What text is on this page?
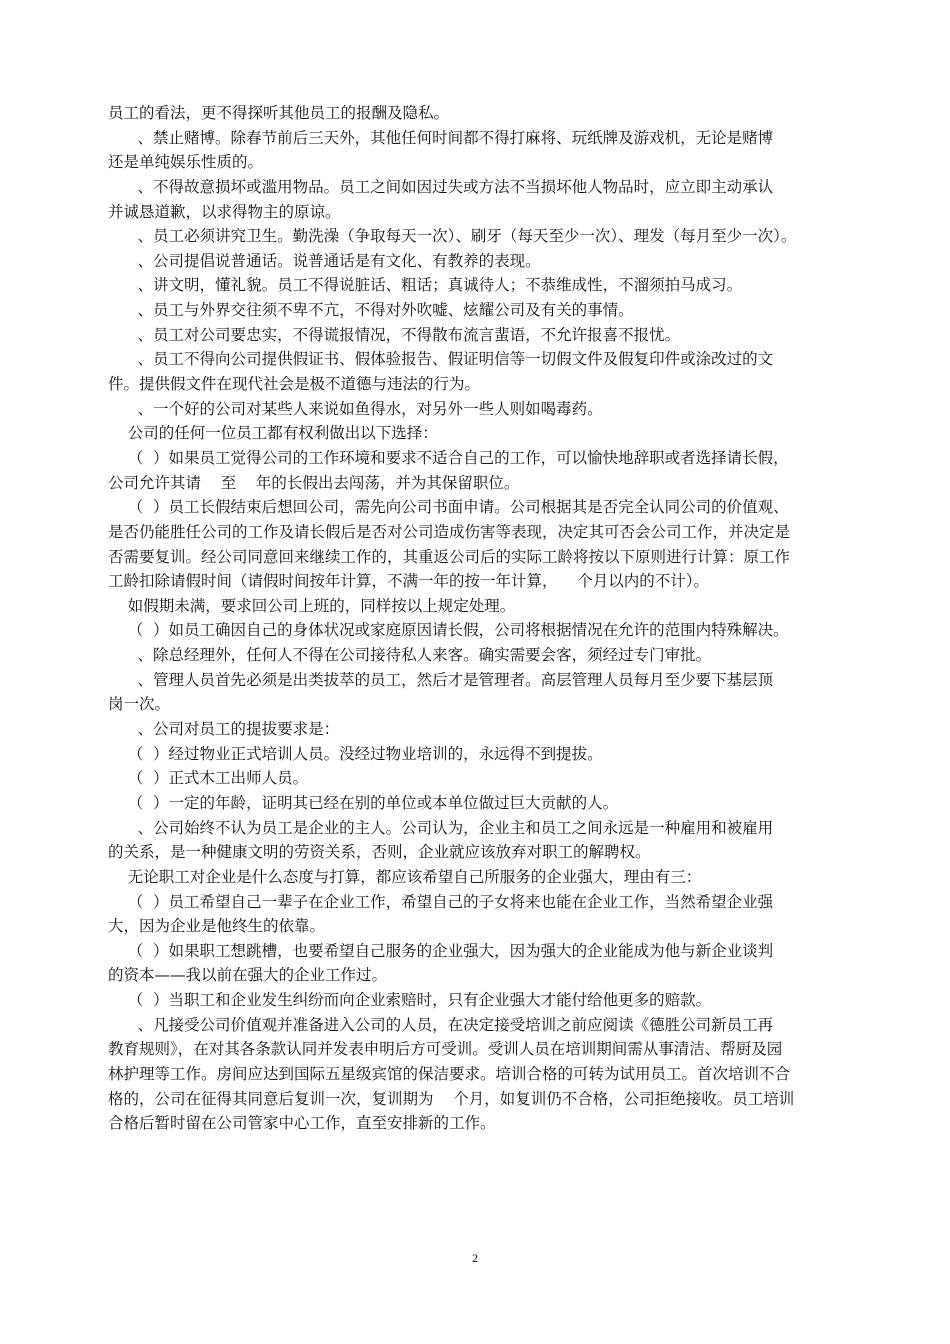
员工的看法，更不得探听其他员工的报酬及隐私。
、禁止赌博。除春节前后三天外，其他任何时间都不得打麻将、玩纸牌及游戏机，无论是赌博
还是单纯娱乐性质的。
、不得故意损坏或滥用物品。员工之间如因过失或方法不当损坏他人物品时，应立即主动承认
并诚恳道歉，以求得物主的原谅。
、员工必须讲究卫生。勤洗澡（争取每天一次）、刷牙（每天至少一次）、理发（每月至少一次）。
、公司提倡说普通话。说普通话是有文化、有教养的表现。
、讲文明，懂礼貌。员工不得说脏话、粗话；真诚待人；不恭维成性，不溜须拍马成习。
、员工与外界交往须不卑不亢，不得对外吹嘘、炫耀公司及有关的事情。
、员工对公司要忠实，不得谎报情况，不得散布流言蜚语，不允许报喜不报忧。
、员工不得向公司提供假证书、假体验报告、假证明信等一切假文件及假复印件或涂改过的文
件。提供假文件在现代社会是极不道德与违法的行为。
、一个好的公司对某些人来说如鱼得水，对另外一些人则如喝毒药。
公司的任何一位员工都有权利做出以下选择：
（  ）如果员工觉得公司的工作环境和要求不适合自己的工作，可以愉快地辞职或者选择请长假，
公司允许其请    至    年的长假出去闯荡，并为其保留职位。
（  ）员工长假结束后想回公司，需先向公司书面申请。公司根据其是否完全认同公司的价值观、
是否仍能胜任公司的工作及请长假后是否对公司造成伤害等表现，决定其可否会公司工作，并决定是
否需要复训。经公司同意回来继续工作的，其重返公司后的实际工龄将按以下原则进行计算：原工作
工龄扣除请假时间（请假时间按年计算，不满一年的按一年计算，    个月以内的不计）。
如假期未满，要求回公司上班的，同样按以上规定处理。
（  ）如员工确因自己的身体状况或家庭原因请长假，公司将根据情况在允许的范围内特殊解决。
、除总经理外，任何人不得在公司接待私人来客。确实需要会客，须经过专门审批。
、管理人员首先必须是出类拔萃的员工，然后才是管理者。高层管理人员每月至少要下基层顶
岗一次。
、公司对员工的提拔要求是：
（  ）经过物业正式培训人员。没经过物业培训的，永远得不到提拔。
（  ）正式木工出师人员。
（  ）一定的年龄，证明其已经在别的单位或本单位做过巨大贡献的人。
、公司始终不认为员工是企业的主人。公司认为，企业主和员工之间永远是一种雇用和被雇用
的关系，是一种健康文明的劳资关系，否则，企业就应该放弃对职工的解聘权。
无论职工对企业是什么态度与打算，都应该希望自己所服务的企业强大，理由有三：
（  ）员工希望自己一辈子在企业工作，希望自己的子女将来也能在企业工作，当然希望企业强
大，因为企业是他终生的依靠。
（  ）如果职工想跳槽，也要希望自己服务的企业强大，因为强大的企业能成为他与新企业谈判
的资本——我以前在强大的企业工作过。
（  ）当职工和企业发生纠纷而向企业索赔时，只有企业强大才能付给他更多的赔款。
、凡接受公司价值观并准备进入公司的人员，在决定接受培训之前应阅读《德胜公司新员工再
教育规则》，在对其各条款认同并发表申明后方可受训。受训人员在培训期间需从事清洁、帮厨及园
林护理等工作。房间应达到国际五星级宾馆的保洁要求。培训合格的可转为试用员工。首次培训不合
格的，公司在征得其同意后复训一次，复训期为    个月，如复训仍不合格，公司拒绝接收。员工培训
合格后暂时留在公司管家中心工作，直至安排新的工作。
2
